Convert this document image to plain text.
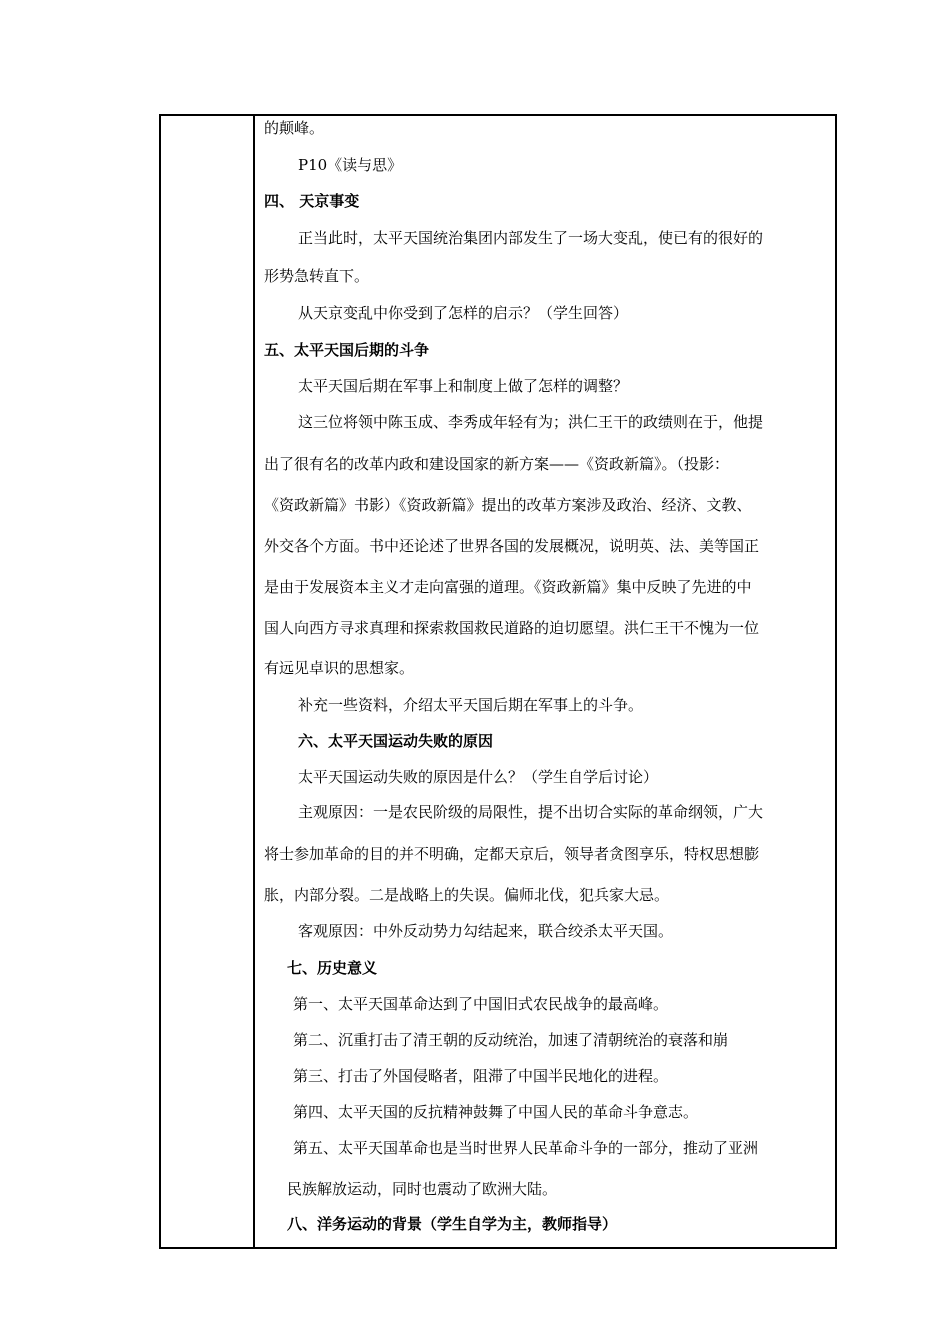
的颠峰。
P10《读与思》
四、 天京事变
正当此时，太平天国统治集团内部发生了一场大变乱，使已有的很好的
形势急转直下。
从天京变乱中你受到了怎样的启示？（学生回答）
五、太平天国后期的斗争
太平天国后期在军事上和制度上做了怎样的调整？
这三位将领中陈玉成、李秀成年轻有为；洪仁王干的政绩则在于，他提
出了很有名的改革内政和建设国家的新方案——《资政新篇》。（投影：
《资政新篇》书影）《资政新篇》提出的改革方案涉及政治、经济、文教、
外交各个方面。书中还论述了世界各国的发展概况，说明英、法、美等国正
是由于发展资本主义才走向富强的道理。《资政新篇》集中反映了先进的中
国人向西方寻求真理和探索救国救民道路的迫切愿望。洪仁王干不愧为一位
有远见卓识的思想家。
补充一些资料，介绍太平天国后期在军事上的斗争。
六、太平天国运动失败的原因
太平天国运动失败的原因是什么？（学生自学后讨论）
主观原因：一是农民阶级的局限性，提不出切合实际的革命纲领，广大
将士参加革命的目的并不明确，定都天京后，领导者贪图享乐，特权思想膨
胀，内部分裂。二是战略上的失误。偏师北伐，犯兵家大忌。
客观原因：中外反动势力勾结起来，联合绞杀太平天国。
七、历史意义
第一、太平天国革命达到了中国旧式农民战争的最高峰。
第二、沉重打击了清王朝的反动统治，加速了清朝统治的衰落和崩
第三、打击了外国侵略者，阻滞了中国半民地化的进程。
第四、太平天国的反抗精神鼓舞了中国人民的革命斗争意志。
第五、太平天国革命也是当时世界人民革命斗争的一部分，推动了亚洲
民族解放运动，同时也震动了欧洲大陆。
八、洋务运动的背景（学生自学为主，教师指导）
